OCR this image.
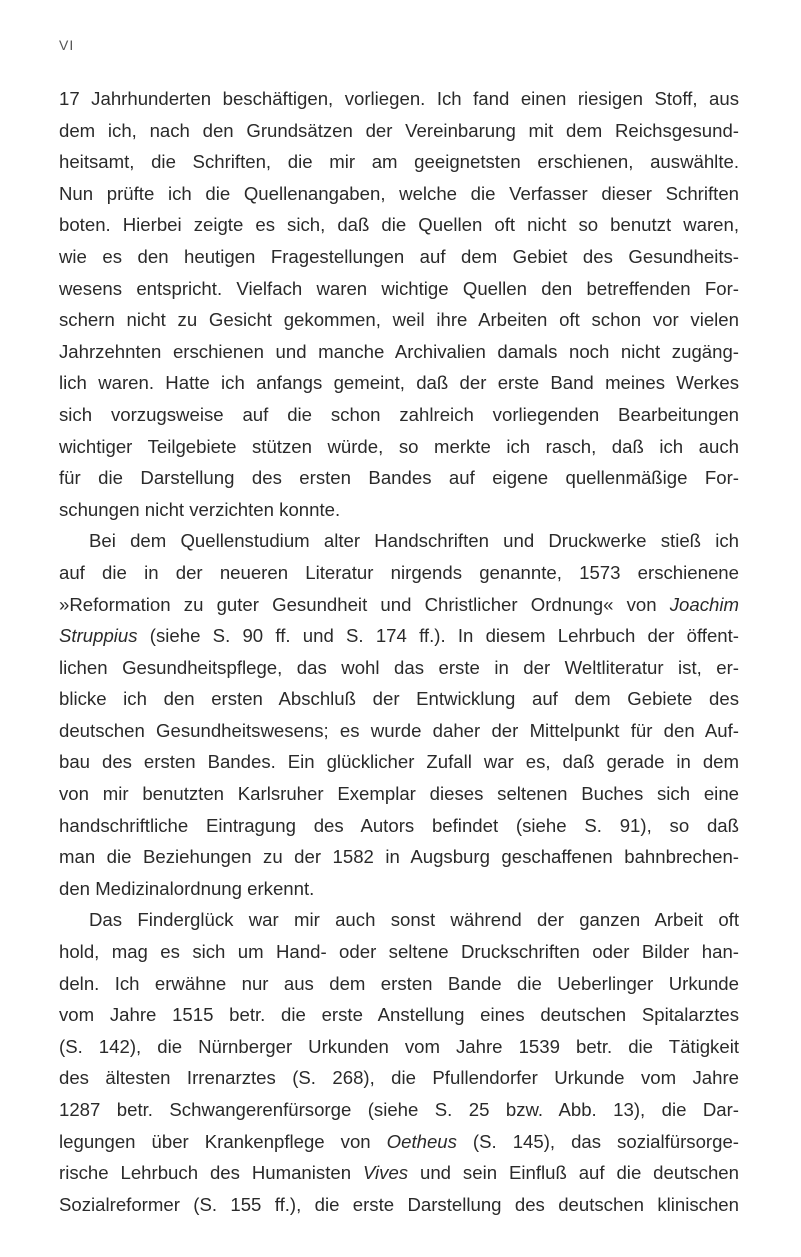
VI
17 Jahrhunderten beschäftigen, vorliegen. Ich fand einen riesigen Stoff, aus
dem ich, nach den Grundsätzen der Vereinbarung mit dem Reichsgesund-
heitsamt, die Schriften, die mir am geeignetsten erschienen, auswählte.
Nun prüfte ich die Quellenangaben, welche die Verfasser dieser Schriften
boten. Hierbei zeigte es sich, daß die Quellen oft nicht so benutzt waren,
wie es den heutigen Fragestellungen auf dem Gebiet des Gesundheits-
wesens entspricht. Vielfach waren wichtige Quellen den betreffenden For-
schern nicht zu Gesicht gekommen, weil ihre Arbeiten oft schon vor vielen
Jahrzehnten erschienen und manche Archivalien damals noch nicht zugäng-
lich waren. Hatte ich anfangs gemeint, daß der erste Band meines Werkes
sich vorzugsweise auf die schon zahlreich vorliegenden Bearbeitungen
wichtiger Teilgebiete stützen würde, so merkte ich rasch, daß ich auch
für die Darstellung des ersten Bandes auf eigene quellenmäßige For-
schungen nicht verzichten konnte.
Bei dem Quellenstudium alter Handschriften und Druckwerke stieß ich
auf die in der neueren Literatur nirgends genannte, 1573 erschienene
»Reformation zu guter Gesundheit und Christlicher Ordnung« von Joachim
Struppius (siehe S. 90 ff. und S. 174 ff.). In diesem Lehrbuch der öffent-
lichen Gesundheitspflege, das wohl das erste in der Weltliteratur ist, er-
blicke ich den ersten Abschluß der Entwicklung auf dem Gebiete des
deutschen Gesundheitswesens; es wurde daher der Mittelpunkt für den Auf-
bau des ersten Bandes. Ein glücklicher Zufall war es, daß gerade in dem
von mir benutzten Karlsruher Exemplar dieses seltenen Buches sich eine
handschriftliche Eintragung des Autors befindet (siehe S. 91), so daß
man die Beziehungen zu der 1582 in Augsburg geschaffenen bahnbrechen-
den Medizinalordnung erkennt.
Das Finderglück war mir auch sonst während der ganzen Arbeit oft
hold, mag es sich um Hand- oder seltene Druckschriften oder Bilder han-
deln. Ich erwähne nur aus dem ersten Bande die Ueberlinger Urkunde
vom Jahre 1515 betr. die erste Anstellung eines deutschen Spitalarztes
(S. 142), die Nürnberger Urkunden vom Jahre 1539 betr. die Tätigkeit
des ältesten Irrenarztes (S. 268), die Pfullendorfer Urkunde vom Jahre
1287 betr. Schwangerenfürsorge (siehe S. 25 bzw. Abb. 13), die Dar-
legungen über Krankenpflege von Oetheus (S. 145), das sozialfürsorge-
rische Lehrbuch des Humanisten Vives und sein Einfluß auf die deutschen
Sozialreformer (S. 155 ff.), die erste Darstellung des deutschen klinischen
